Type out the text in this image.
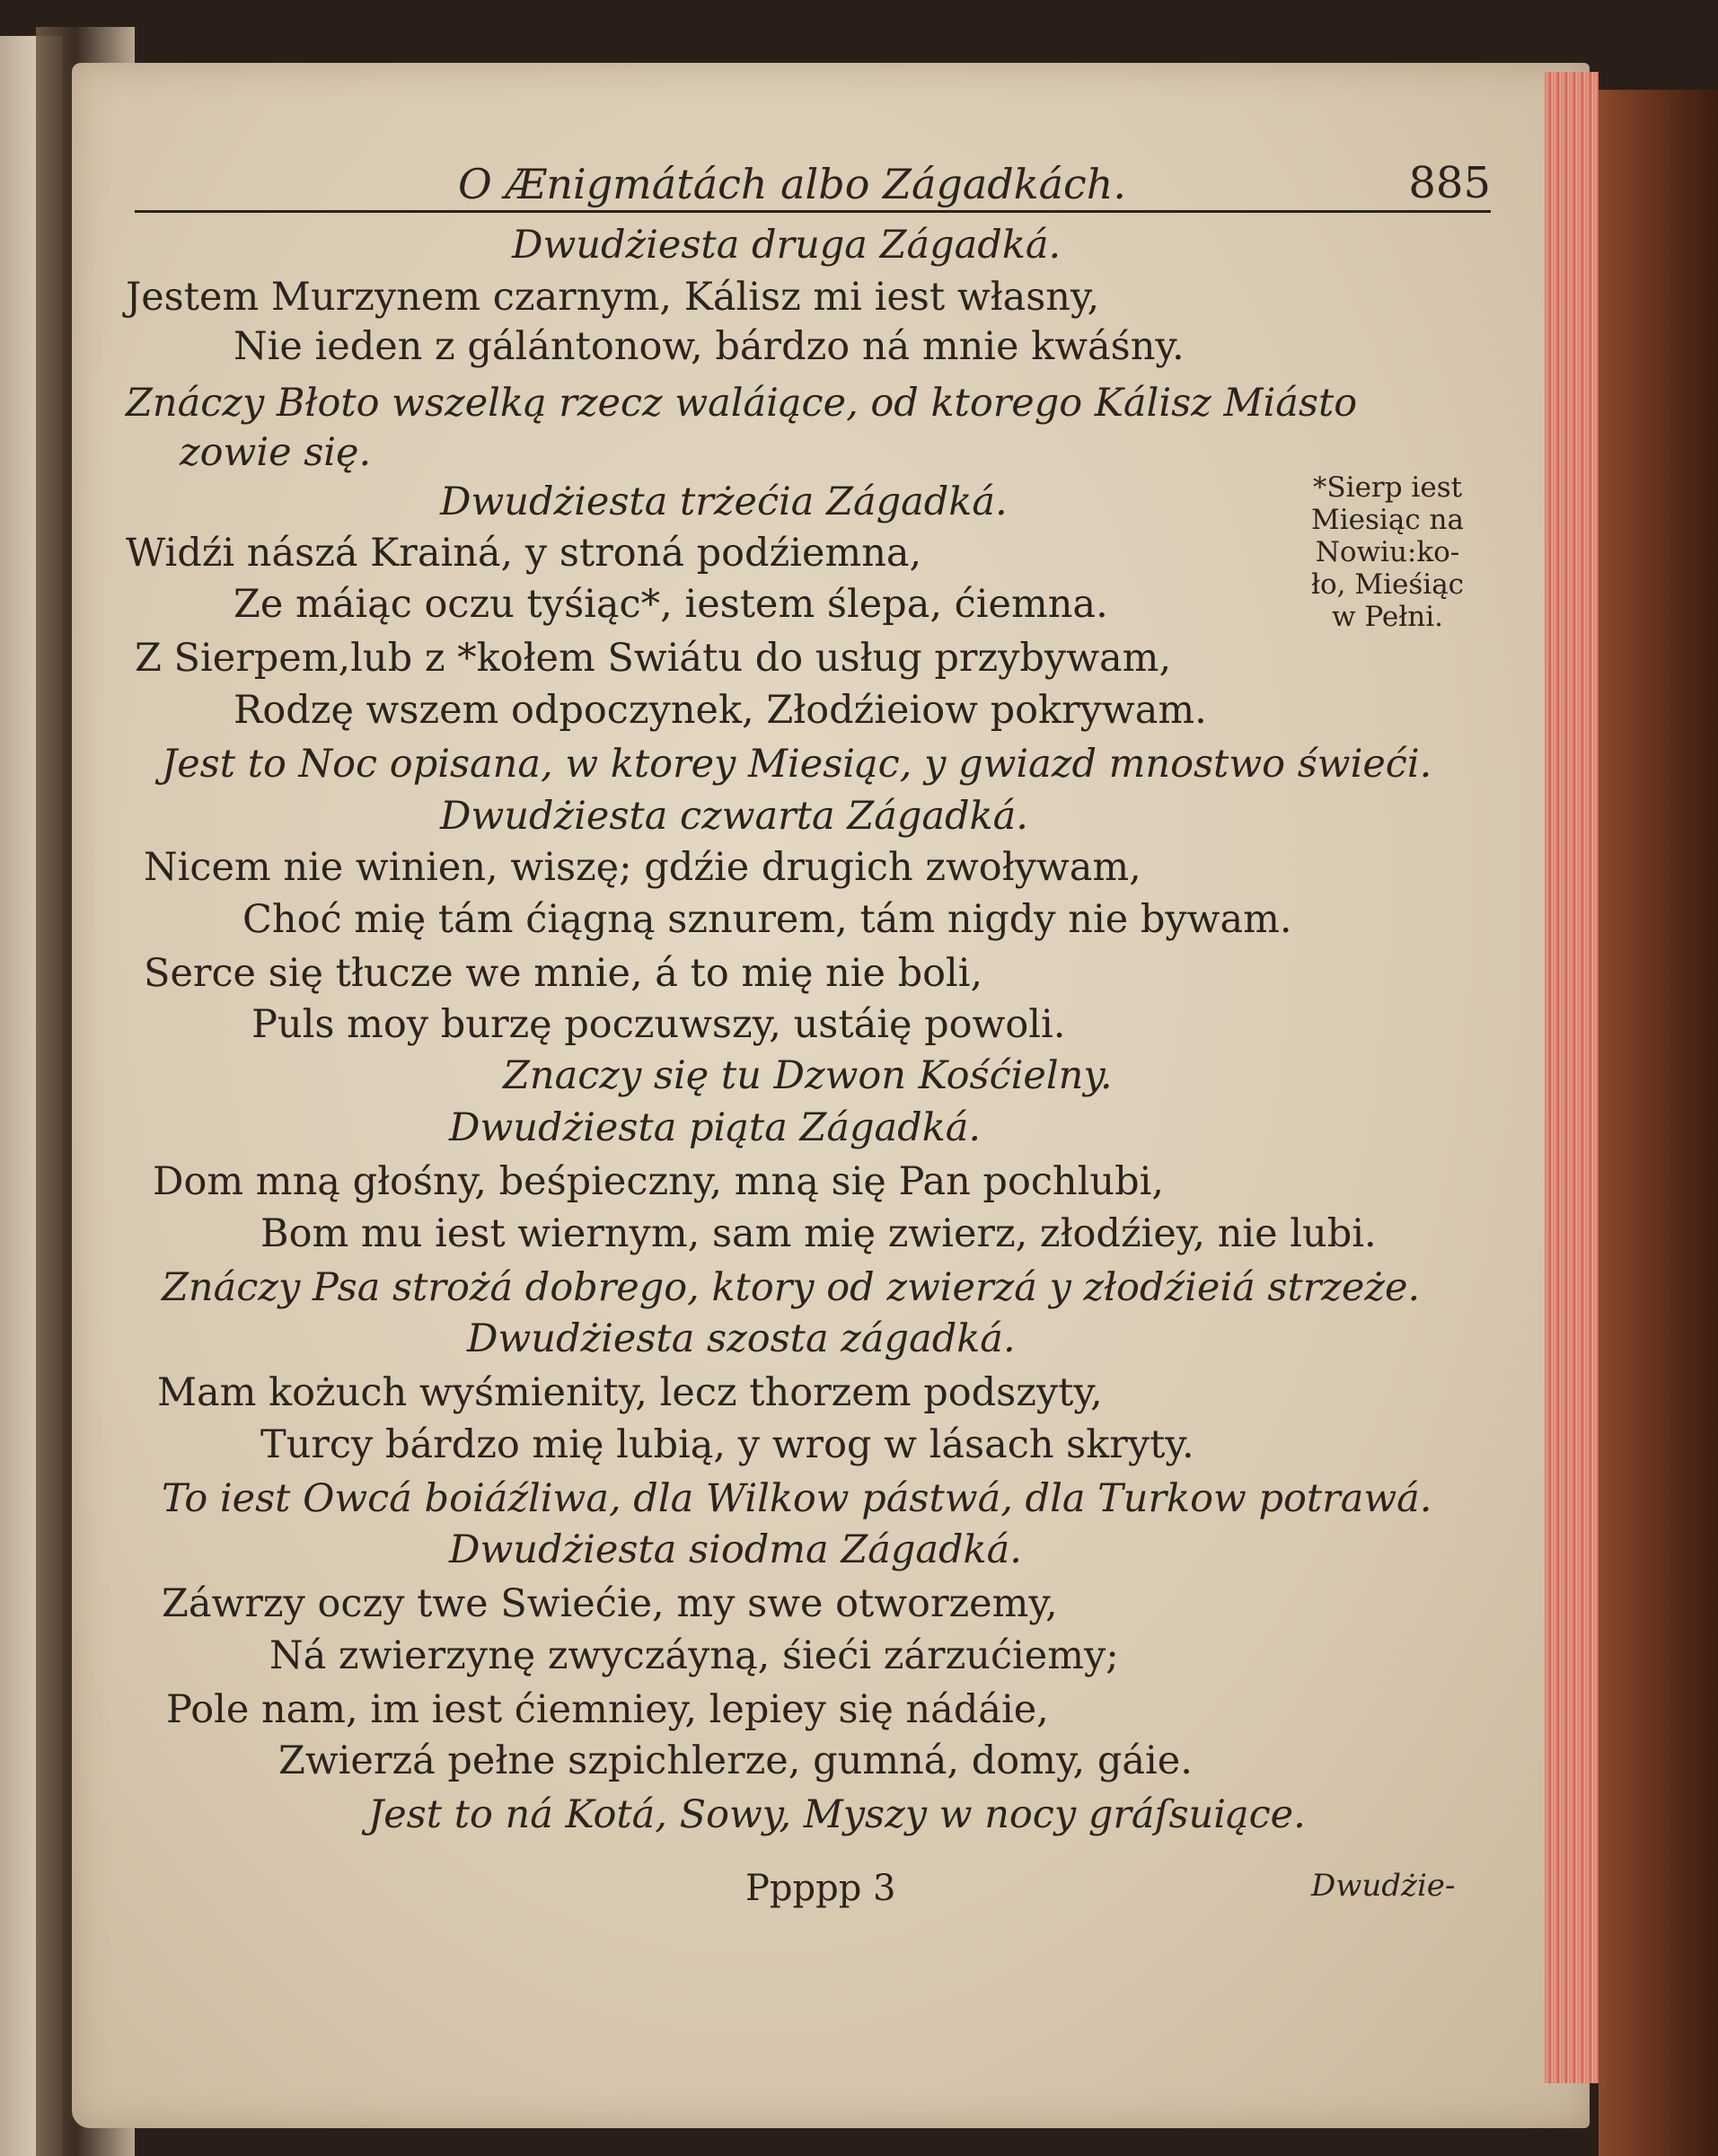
O Ænigmátách albo Zágadkách.	885
Dwudżiesta druga Zágadká.
Jestem Murzynem czarnym, Kálisz mi iest własny,
Nie ieden z gálántonow, bárdzo ná mnie kwáśny.
Znáczy Błoto wszelką rzecz waláiące, od ktorego Kálisz Miásto
zowie się.
Dwudżiesta trżećia Zágadká.
Widźi nászá Krainá, y stroná podźiemna,
Ze máiąc oczu tyśiąc*, iestem ślepa, ćiemna.
Z Sierpem,lub z *kołem Swiátu do usług przybywam,
Rodzę wszem odpoczynek, Złodźieiow pokrywam.
Jest to Noc opisana, w ktorey Miesiąc, y gwiazd mnostwo świeći.
Dwudżiesta czwarta Zágadká.
Nicem nie winien, wiszę; gdźie drugich zwoływam,
Choć mię tám ćiągną sznurem, tám nigdy nie bywam.
Serce się tłucze we mnie, á to mię nie boli,
Puls moy burzę poczuwszy, ustáię powoli.
Znaczy się tu Dzwon Kośćielny.
Dwudżiesta piąta Zágadká.
Dom mną głośny, beśpieczny, mną się Pan pochlubi,
Bom mu iest wiernym, sam mię zwierz, złodźiey, nie lubi.
Znáczy Psa strożá dobrego, ktory od zwierzá y złodźieiá strzeże.
Dwudżiesta szosta zágadká.
Mam kożuch wyśmienity, lecz thorzem podszyty,
Turcy bárdzo mię lubią, y wrog w lásach skryty.
To iest Owcá boiáźliwa, dla Wilkow pástwá, dla Turkow potrawá.
Dwudżiesta siodma Zágadká.
Záwrzy oczy twe Swiećie, my swe otworzemy,
Ná zwierzynę zwyczáyną, śieći zárzućiemy;
Pole nam, im iest ćiemniey, lepiey się nádáie,
Zwierzá pełne szpichlerze, gumná, domy, gáie.
Jest to ná Kotá, Sowy, Myszy w nocy gráſsuiące.
*Sierp iest
Miesiąc na
Nowiu:ko-
ło, Mieśiąc
w Pełni.
Ppppp 3	Dwudżie-
